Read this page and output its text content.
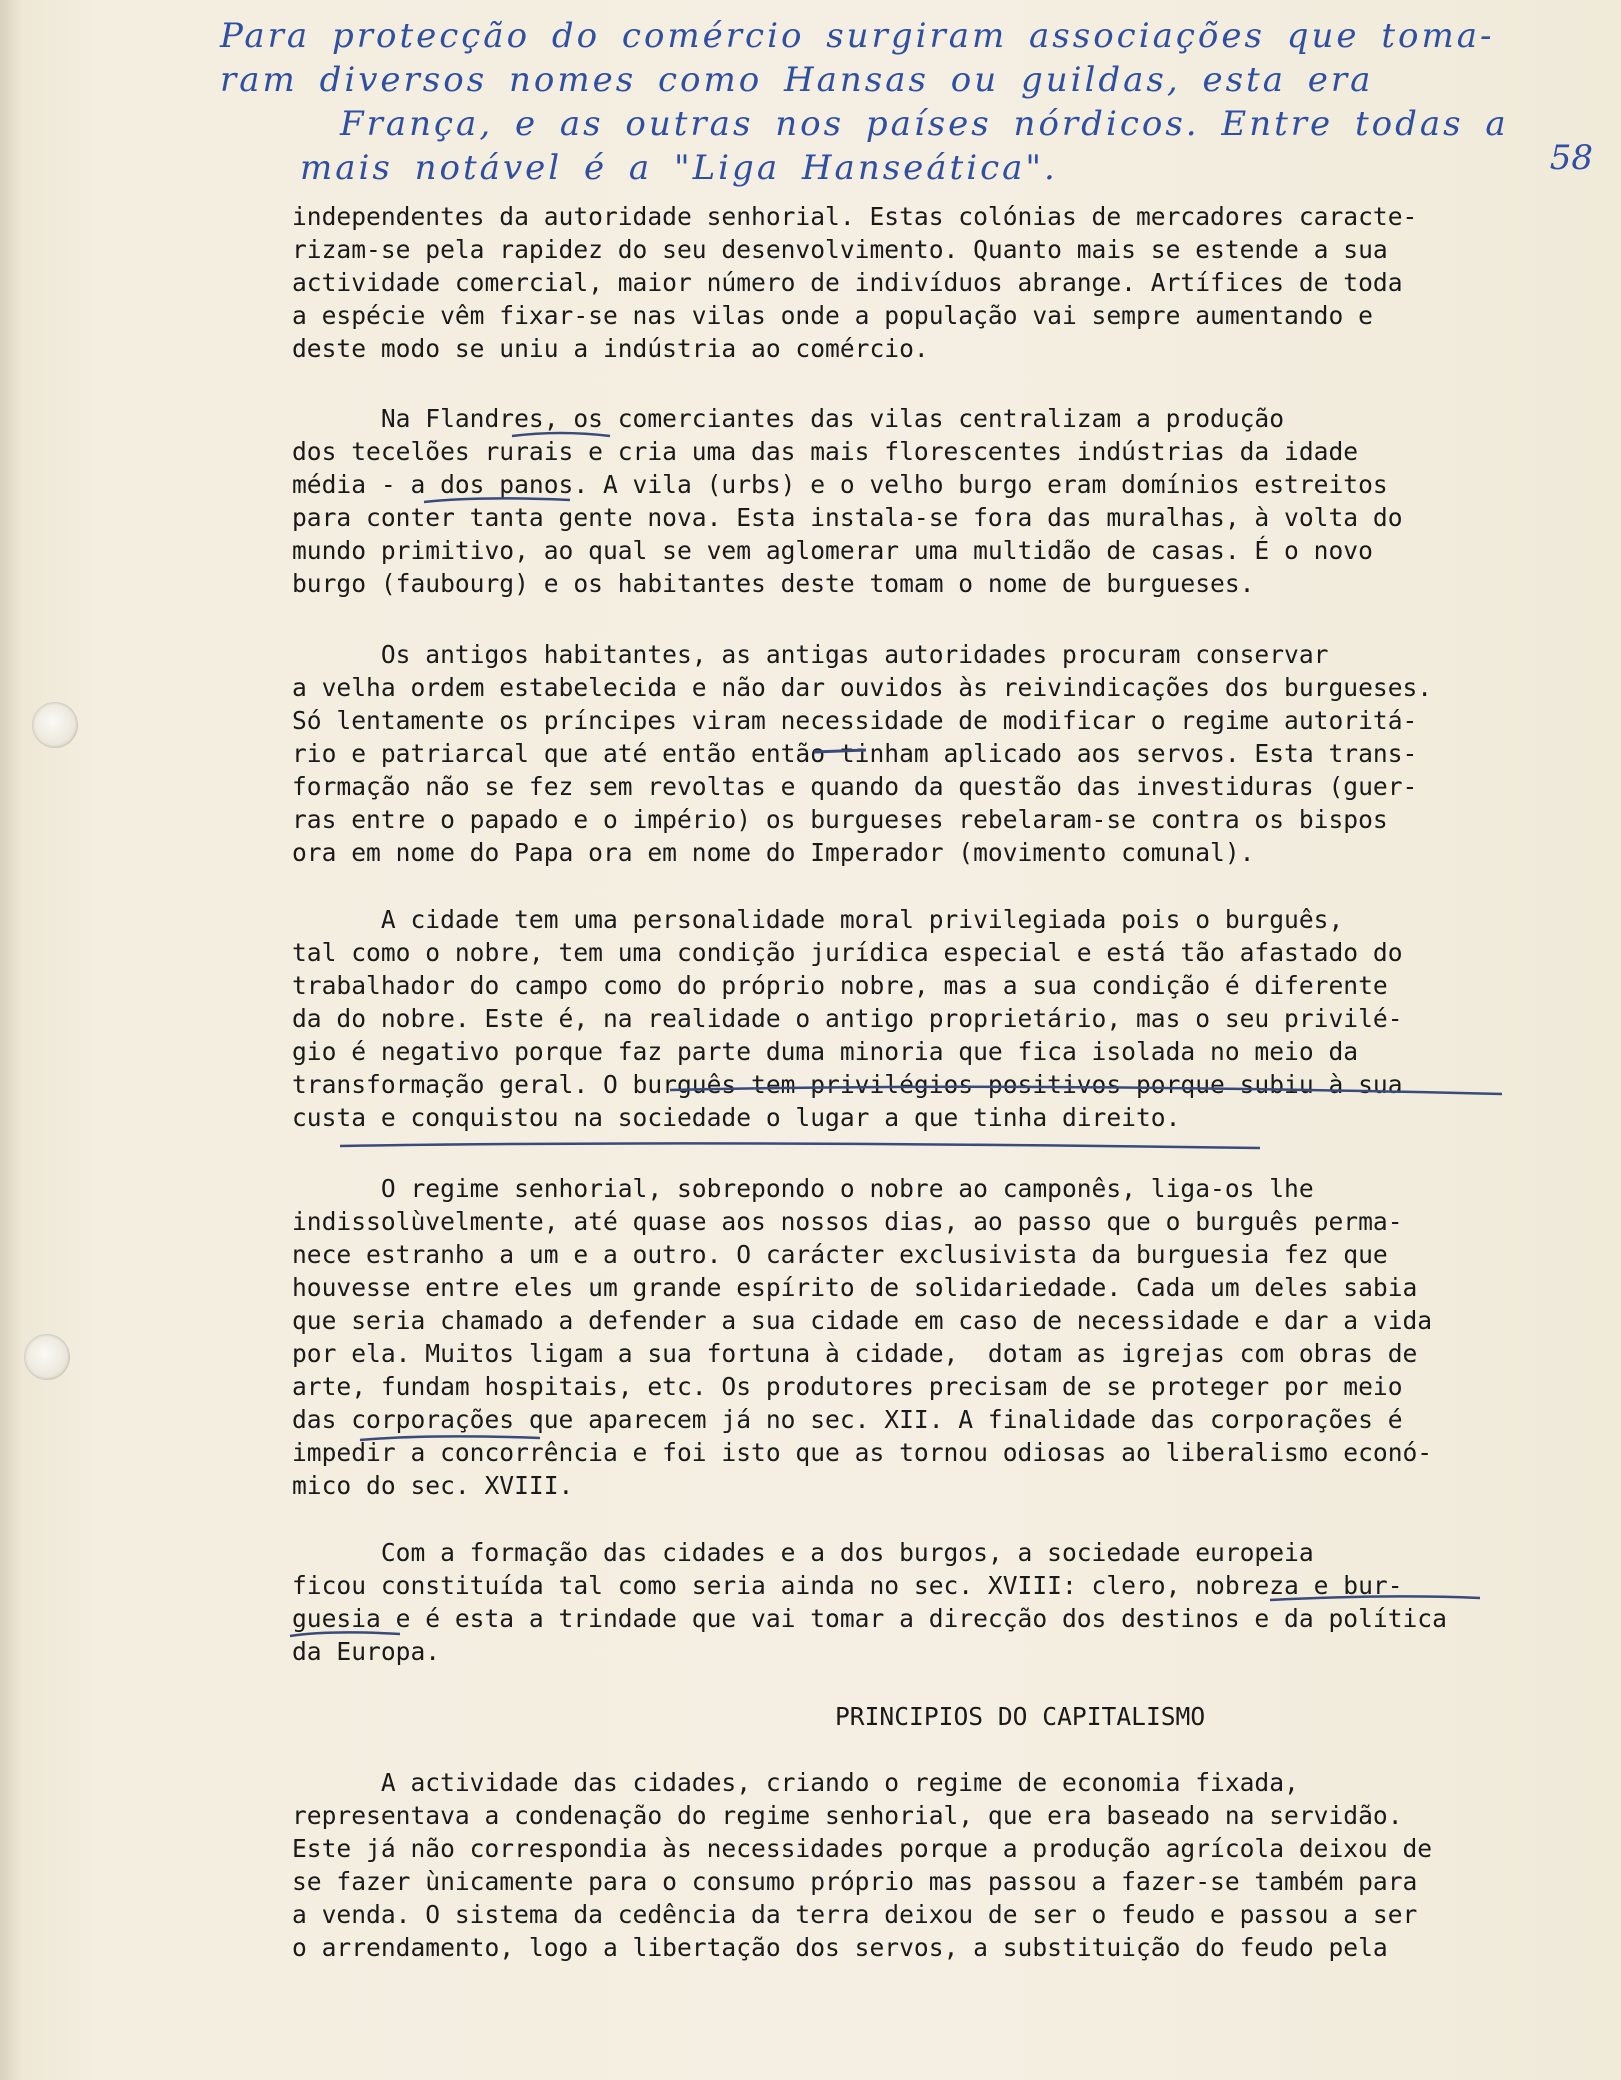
Para protecção do comércio surgiram associações que toma-
ram diversos nomes como Hansas ou guildas, esta era
França, e as outras nos países nórdicos. Entre todas a
mais notável é a "Liga Hanseática".	58
independentes da autoridade senhorial. Estas colónias de mercadores caracte-
rizam-se pela rapidez do seu desenvolvimento. Quanto mais se estende a sua
actividade comercial, maior número de indivíduos abrange. Artífices de toda
a espécie vêm fixar-se nas vilas onde a população vai sempre aumentando e
deste modo se uniu a indústria ao comércio.
Na Flandres, os comerciantes das vilas centralizam a produção
dos tecelões rurais e cria uma das mais florescentes indústrias da idade
média - a dos panos. A vila (urbs) e o velho burgo eram domínios estreitos
para conter tanta gente nova. Esta instala-se fora das muralhas, à volta do
mundo primitivo, ao qual se vem aglomerar uma multidão de casas. É o novo
burgo (faubourg) e os habitantes deste tomam o nome de burgueses.
Os antigos habitantes, as antigas autoridades procuram conservar
a velha ordem estabelecida e não dar ouvidos às reivindicações dos burgueses.
Só lentamente os príncipes viram necessidade de modificar o regime autoritá-
rio e patriarcal que até então então tinham aplicado aos servos. Esta trans-
formação não se fez sem revoltas e quando da questão das investiduras (guer-
ras entre o papado e o império) os burgueses rebelaram-se contra os bispos
ora em nome do Papa ora em nome do Imperador (movimento comunal).
A cidade tem uma personalidade moral privilegiada pois o burguês,
tal como o nobre, tem uma condição jurídica especial e está tão afastado do
trabalhador do campo como do próprio nobre, mas a sua condição é diferente
da do nobre. Este é, na realidade o antigo proprietário, mas o seu privilé-
gio é negativo porque faz parte duma minoria que fica isolada no meio da
transformação geral. O burguês tem privilégios positivos porque subiu à sua
custa e conquistou na sociedade o lugar a que tinha direito.
O regime senhorial, sobrepondo o nobre ao camponês, liga-os lhe
indissolùvelmente, até quase aos nossos dias, ao passo que o burguês perma-
nece estranho a um e a outro. O carácter exclusivista da burguesia fez que
houvesse entre eles um grande espírito de solidariedade. Cada um deles sabia
que seria chamado a defender a sua cidade em caso de necessidade e dar a vida
por ela. Muitos ligam a sua fortuna à cidade,  dotam as igrejas com obras de
arte, fundam hospitais, etc. Os produtores precisam de se proteger por meio
das corporações que aparecem já no sec. XII. A finalidade das corporações é
impedir a concorrência e foi isto que as tornou odiosas ao liberalismo econó-
mico do sec. XVIII.
Com a formação das cidades e a dos burgos, a sociedade europeia
ficou constituída tal como seria ainda no sec. XVIII: clero, nobreza e bur-
guesia e é esta a trindade que vai tomar a direcção dos destinos e da política
da Europa.
A actividade das cidades, criando o regime de economia fixada,
representava a condenação do regime senhorial, que era baseado na servidão.
Este já não correspondia às necessidades porque a produção agrícola deixou de
se fazer ùnicamente para o consumo próprio mas passou a fazer-se também para
a venda. O sistema da cedência da terra deixou de ser o feudo e passou a ser
o arrendamento, logo a libertação dos servos, a substituição do feudo pela
PRINCIPIOS DO CAPITALISMO
